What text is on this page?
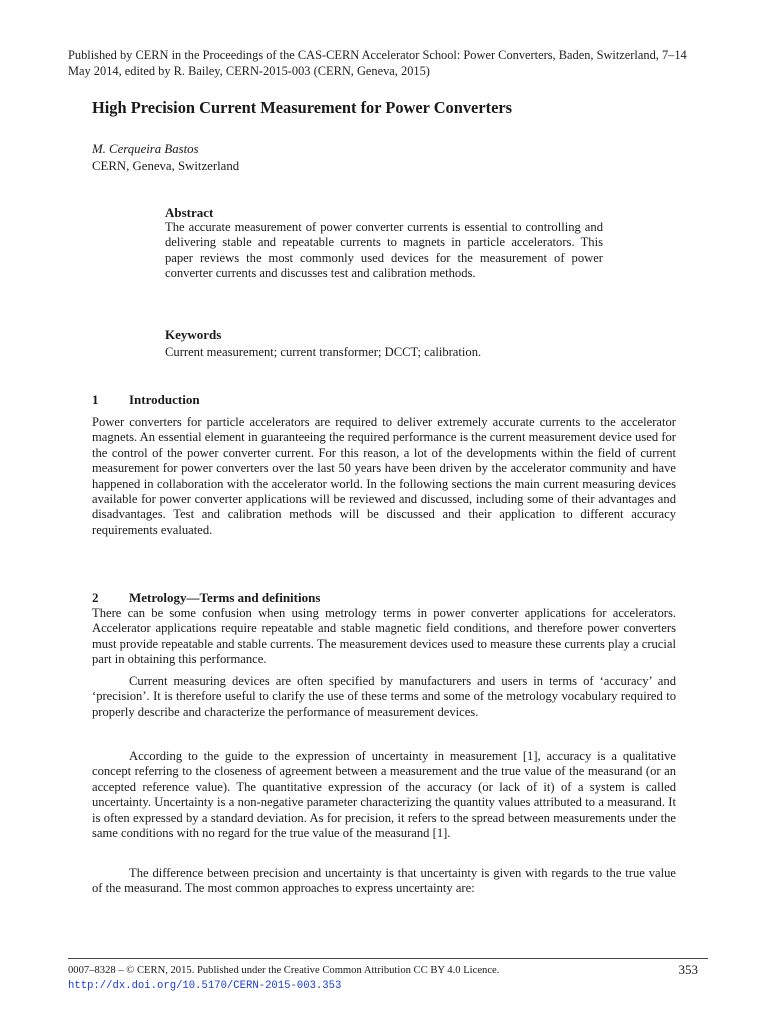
Published by CERN in the Proceedings of the CAS-CERN Accelerator School: Power Converters, Baden, Switzerland, 7–14 May 2014, edited by R. Bailey, CERN-2015-003 (CERN, Geneva, 2015)
High Precision Current Measurement for Power Converters
M. Cerqueira Bastos
CERN, Geneva, Switzerland
Abstract
The accurate measurement of power converter currents is essential to controlling and delivering stable and repeatable currents to magnets in particle accelerators. This paper reviews the most commonly used devices for the measurement of power converter currents and discusses test and calibration methods.
Keywords
Current measurement; current transformer; DCCT; calibration.
1 Introduction

Power converters for particle accelerators are required to deliver extremely accurate currents to the accelerator magnets. An essential element in guaranteeing the required performance is the current measurement device used for the control of the power converter current. For this reason, a lot of the developments within the field of current measurement for power converters over the last 50 years have been driven by the accelerator community and have happened in collaboration with the accelerator world. In the following sections the main current measuring devices available for power converter applications will be reviewed and discussed, including some of their advantages and disadvantages. Test and calibration methods will be discussed and their application to different accuracy requirements evaluated.

2 Metrology—Terms and definitions

There can be some confusion when using metrology terms in power converter applications for accelerators. Accelerator applications require repeatable and stable magnetic field conditions, and therefore power converters must provide repeatable and stable currents. The measurement devices used to measure these currents play a crucial part in obtaining this performance.

Current measuring devices are often specified by manufacturers and users in terms of ‘accuracy’ and ‘precision’. It is therefore useful to clarify the use of these terms and some of the metrology vocabulary required to properly describe and characterize the performance of measurement devices.

According to the guide to the expression of uncertainty in measurement [1], accuracy is a qualitative concept referring to the closeness of agreement between a measurement and the true value of the measurand (or an accepted reference value). The quantitative expression of the accuracy (or lack of it) of a system is called uncertainty. Uncertainty is a non-negative parameter characterizing the quantity values attributed to a measurand. It is often expressed by a standard deviation. As for precision, it refers to the spread between measurements under the same conditions with no regard for the true value of the measurand [1].

The difference between precision and uncertainty is that uncertainty is given with regards to the true value of the measurand. The most common approaches to express uncertainty are:

0007–8328 – © CERN, 2015. Published under the Creative Common Attribution CC BY 4.0 Licence.
http://dx.doi.org/10.5170/CERN-2015-003.353
353
